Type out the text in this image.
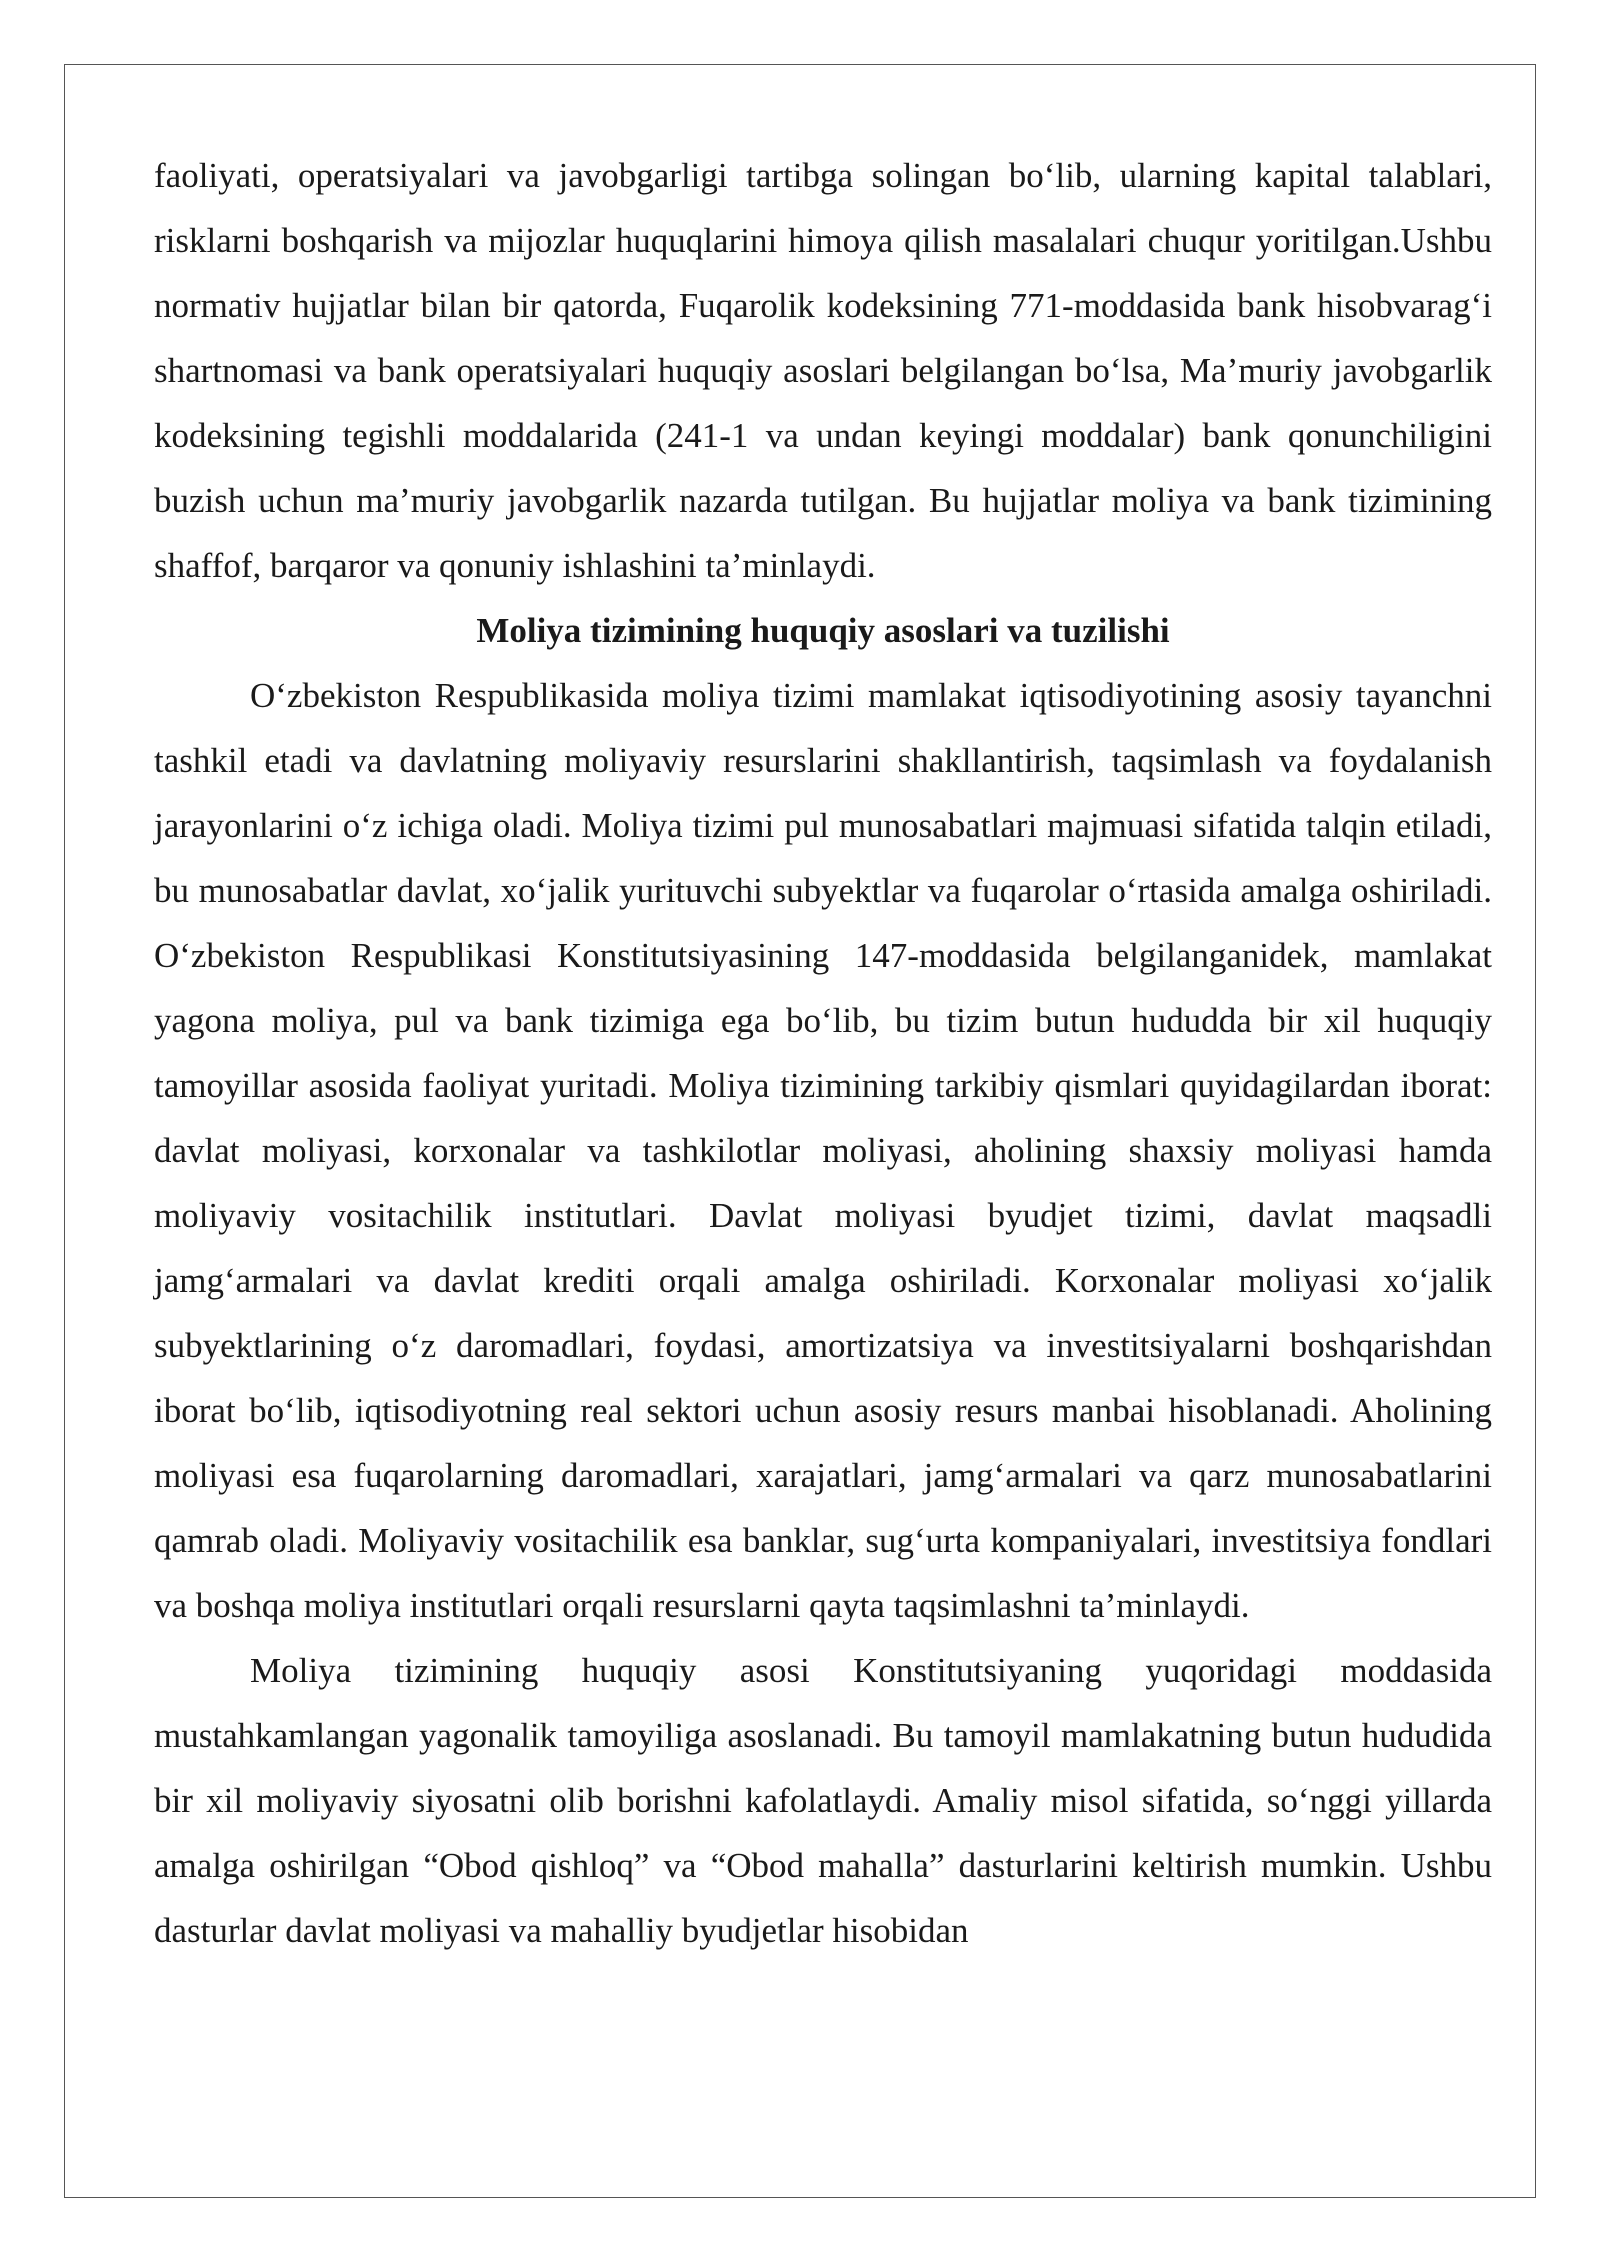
faoliyati, operatsiyalari va javobgarligi tartibga solingan bo‘lib, ularning kapital talablari, risklarni boshqarish va mijozlar huquqlarini himoya qilish masalalari chuqur yoritilgan.Ushbu normativ hujjatlar bilan bir qatorda, Fuqarolik kodeksining 771-moddasida bank hisobvarag‘i shartnomasi va bank operatsiyalari huquqiy asoslari belgilangan bo‘lsa, Ma’muriy javobgarlik kodeksining tegishli moddalarida (241-1 va undan keyingi moddalar) bank qonunchiligini buzish uchun ma’muriy javobgarlik nazarda tutilgan. Bu hujjatlar moliya va bank tizimining shaffof, barqaror va qonuniy ishlashini ta’minlaydi.

Moliya tizimining huquqiy asoslari va tuzilishi

O‘zbekiston Respublikasida moliya tizimi mamlakat iqtisodiyotining asosiy tayanchni tashkil etadi va davlatning moliyaviy resurslarini shakllantirish, taqsimlash va foydalanish jarayonlarini o‘z ichiga oladi. Moliya tizimi pul munosabatlari majmuasi sifatida talqin etiladi, bu munosabatlar davlat, xo‘jalik yurituvchi subyektlar va fuqarolar o‘rtasida amalga oshiriladi. O‘zbekiston Respublikasi Konstitutsiyasining 147-moddasida belgilanganidek, mamlakat yagona moliya, pul va bank tizimiga ega bo‘lib, bu tizim butun hududda bir xil huquqiy tamoyillar asosida faoliyat yuritadi. Moliya tizimining tarkibiy qismlari quyidagilardan iborat: davlat moliyasi, korxonalar va tashkilotlar moliyasi, aholining shaxsiy moliyasi hamda moliyaviy vositachilik institutlari. Davlat moliyasi byudjet tizimi, davlat maqsadli jamg‘armalari va davlat krediti orqali amalga oshiriladi. Korxonalar moliyasi xo‘jalik subyektlarining o‘z daromadlari, foydasi, amortizatsiya va investitsiyalarni boshqarishdan iborat bo‘lib, iqtisodiyotning real sektori uchun asosiy resurs manbai hisoblanadi. Aholining moliyasi esa fuqarolarning daromadlari, xarajatlari, jamg‘armalari va qarz munosabatlarini qamrab oladi. Moliyaviy vositachilik esa banklar, sug‘urta kompaniyalari, investitsiya fondlari va boshqa moliya institutlari orqali resurslarni qayta taqsimlashni ta’minlaydi.

Moliya tizimining huquqiy asosi Konstitutsiyaning yuqoridagi moddasida mustahkamlangan yagonalik tamoyiliga asoslanadi. Bu tamoyil mamlakatning butun hududida bir xil moliyaviy siyosatni olib borishni kafolatlaydi. Amaliy misol sifatida, so‘nggi yillarda amalga oshirilgan “Obod qishloq” va “Obod mahalla” dasturlarini keltirish mumkin. Ushbu dasturlar davlat moliyasi va mahalliy byudjetlar hisobidan
